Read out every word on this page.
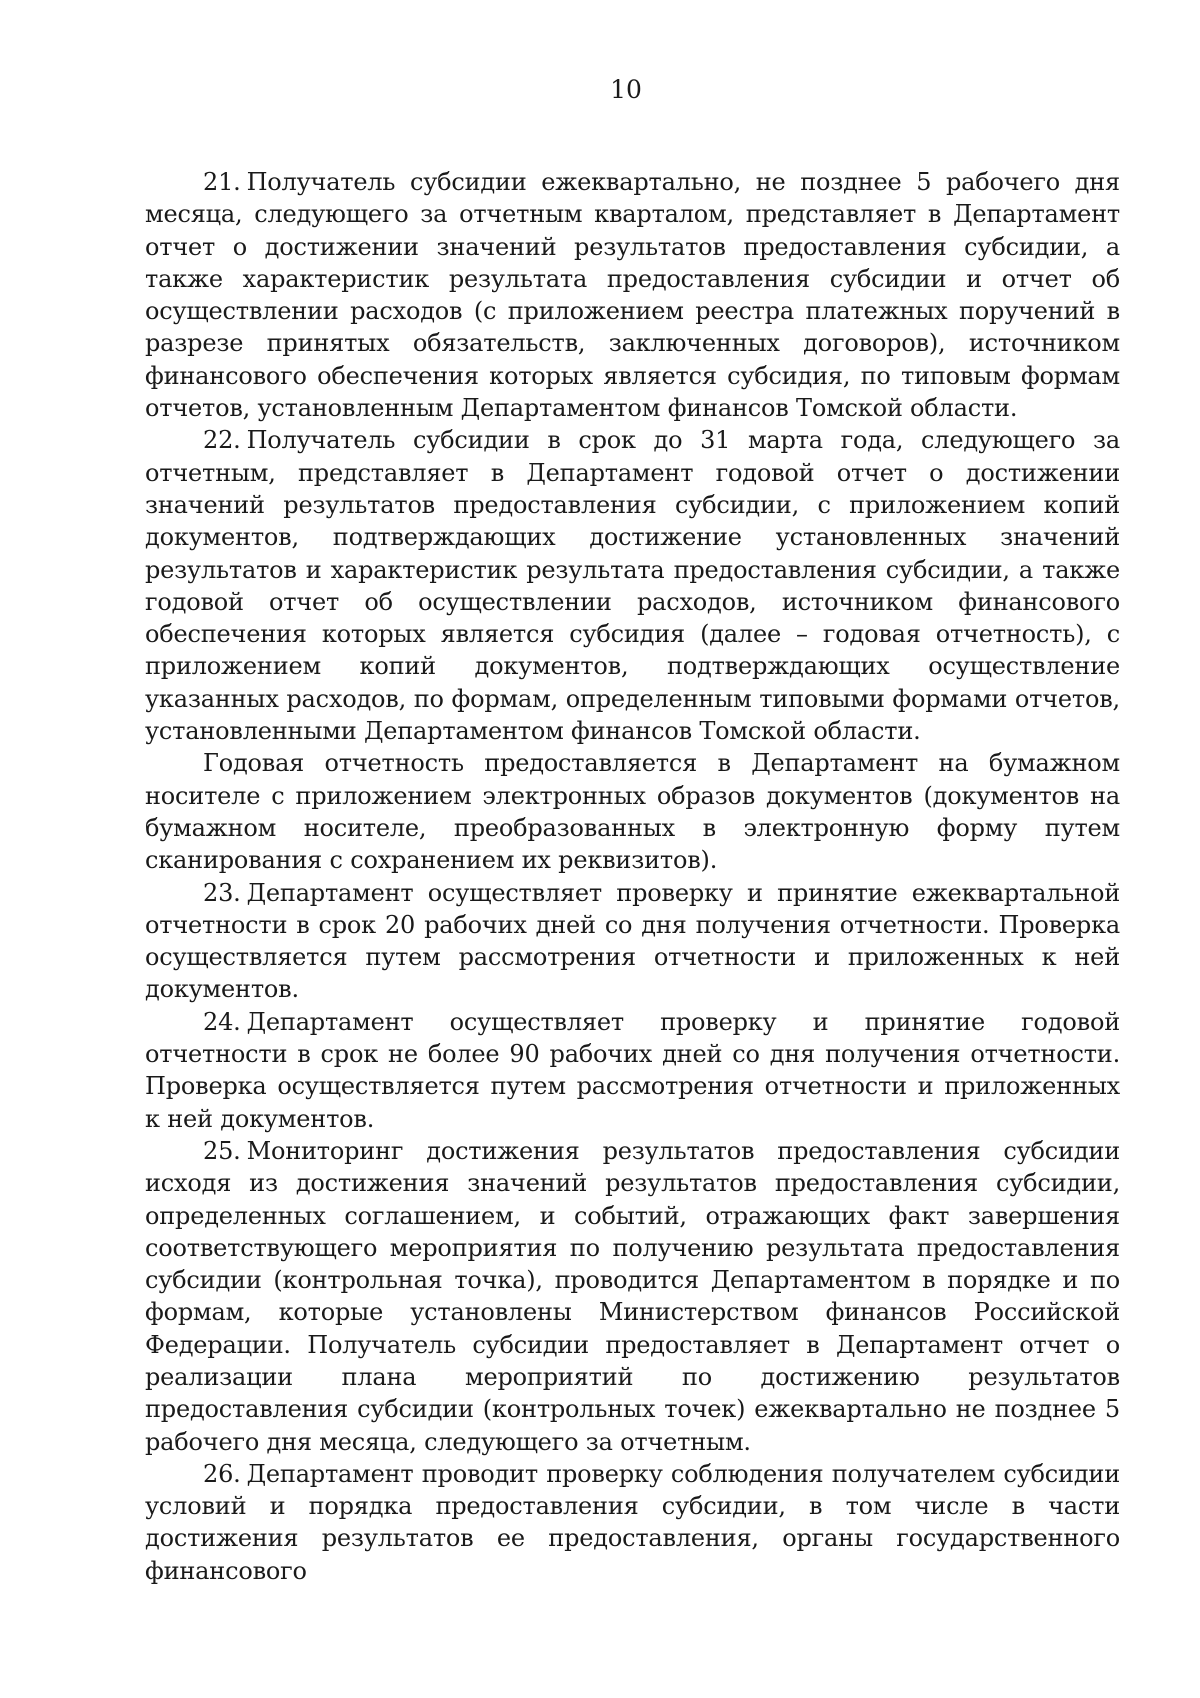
10

21. Получатель субсидии ежеквартально, не позднее 5 рабочего дня месяца, следующего за отчетным кварталом, представляет в Департамент отчет о достижении значений результатов предоставления субсидии, а также характеристик результата предоставления субсидии и отчет об осуществлении расходов (с приложением реестра платежных поручений в разрезе принятых обязательств, заключенных договоров), источником финансового обеспечения которых является субсидия, по типовым формам отчетов, установленным Департаментом финансов Томской области.

22. Получатель субсидии в срок до 31 марта года, следующего за отчетным, представляет в Департамент годовой отчет о достижении значений результатов предоставления субсидии, с приложением копий документов, подтверждающих достижение установленных значений результатов и характеристик результата предоставления субсидии, а также годовой отчет об осуществлении расходов, источником финансового обеспечения которых является субсидия (далее – годовая отчетность), с приложением копий документов, подтверждающих осуществление указанных расходов, по формам, определенным типовыми формами отчетов, установленными Департаментом финансов Томской области.

Годовая отчетность предоставляется в Департамент на бумажном носителе с приложением электронных образов документов (документов на бумажном носителе, преобразованных в электронную форму путем сканирования с сохранением их реквизитов).

23. Департамент осуществляет проверку и принятие ежеквартальной отчетности в срок 20 рабочих дней со дня получения отчетности. Проверка осуществляется путем рассмотрения отчетности и приложенных к ней документов.

24. Департамент осуществляет проверку и принятие годовой отчетности в срок не более 90 рабочих дней со дня получения отчетности. Проверка осуществляется путем рассмотрения отчетности и приложенных к ней документов.

25. Мониторинг достижения результатов предоставления субсидии исходя из достижения значений результатов предоставления субсидии, определенных соглашением, и событий, отражающих факт завершения соответствующего мероприятия по получению результата предоставления субсидии (контрольная точка), проводится Департаментом в порядке и по формам, которые установлены Министерством финансов Российской Федерации. Получатель субсидии предоставляет в Департамент отчет о реализации плана мероприятий по достижению результатов предоставления субсидии (контрольных точек) ежеквартально не позднее 5 рабочего дня месяца, следующего за отчетным.

26. Департамент проводит проверку соблюдения получателем субсидии условий и порядка предоставления субсидии, в том числе в части достижения результатов ее предоставления, органы государственного финансового
